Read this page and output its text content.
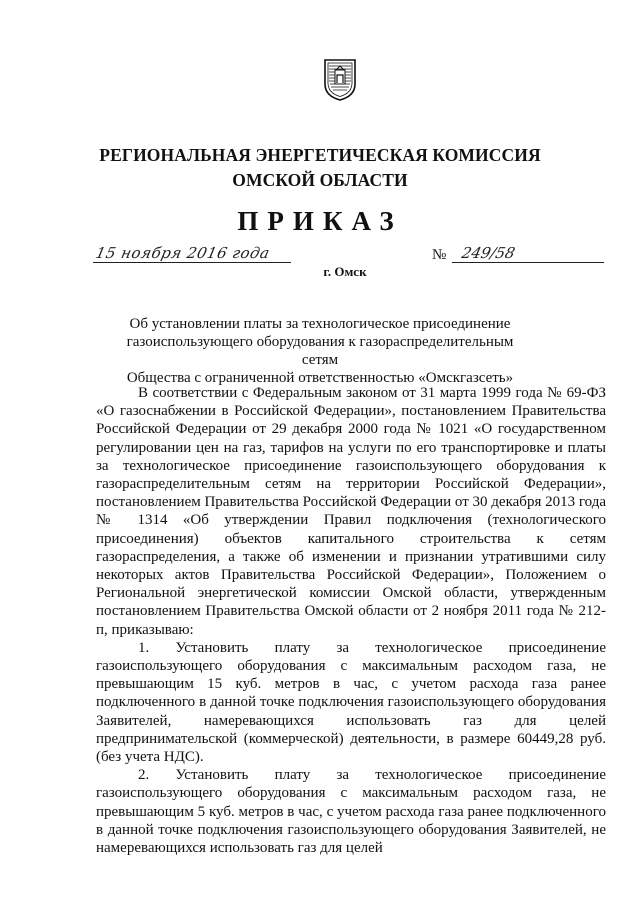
РЕГИОНАЛЬНАЯ ЭНЕРГЕТИЧЕСКАЯ КОМИССИЯ
ОМСКОЙ ОБЛАСТИ
ПРИКАЗ
15 ноября 2016 года	№ 249/58
г. Омск
Об установлении платы за технологическое присоединение
газоиспользующего оборудования к газораспределительным сетям
Общества с ограниченной ответственностью «Омскгазсеть»

В соответствии с Федеральным законом от 31 марта 1999 года № 69-ФЗ «О газоснабжении в Российской Федерации», постановлением Правительства Российской Федерации от 29 декабря 2000 года № 1021 «О государственном регулировании цен на газ, тарифов на услуги по его транспортировке и платы за технологическое присоединение газоиспользующего оборудования к газораспределительным сетям на территории Российской Федерации», постановлением Правительства Российской Федерации от 30 декабря 2013 года № 1314 «Об утверждении Правил подключения (технологического присоединения) объектов капитального строительства к сетям газораспределения, а также об изменении и признании утратившими силу некоторых актов Правительства Российской Федерации», Положением о Региональной энергетической комиссии Омской области, утвержденным постановлением Правительства Омской области от 2 ноября 2011 года № 212-п, приказываю:

1. Установить плату за технологическое присоединение газоиспользующего оборудования с максимальным расходом газа, не превышающим 15 куб. метров в час, с учетом расхода газа ранее подключенного в данной точке подключения газоиспользующего оборудования Заявителей, намеревающихся использовать газ для целей предпринимательской (коммерческой) деятельности, в размере 60449,28 руб. (без учета НДС).

2. Установить плату за технологическое присоединение газоиспользующего оборудования с максимальным расходом газа, не превышающим 5 куб. метров в час, с учетом расхода газа ранее подключенного в данной точке подключения газоиспользующего оборудования Заявителей, не намеревающихся использовать газ для целей
